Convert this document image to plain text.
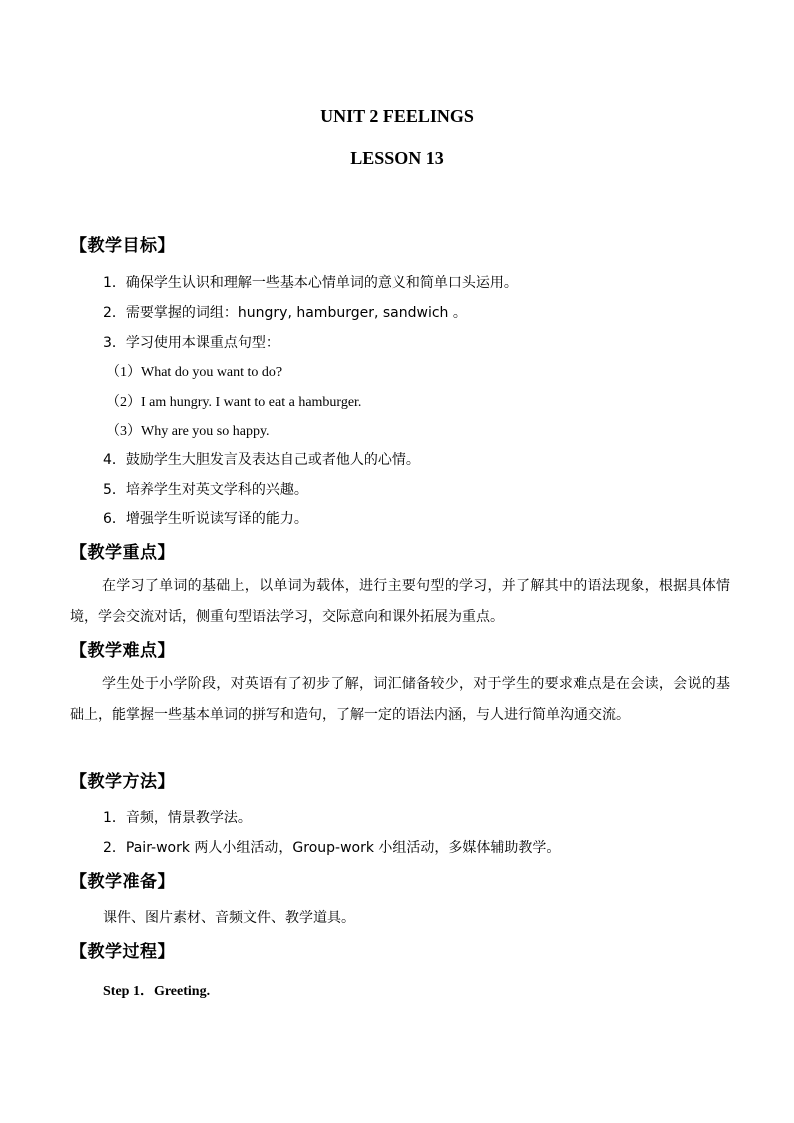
UNIT 2 FEELINGS
LESSON 13
【教学目标】
1．确保学生认识和理解一些基本心情单词的意义和简单口头运用。
2．需要掌握的词组：hungry, hamburger, sandwich 。
3．学习使用本课重点句型：
（1）What do you want to do?
（2）I am hungry. I want to eat a hamburger.
（3）Why are you so happy.
4．鼓励学生大胆发言及表达自己或者他人的心情。
5．培养学生对英文学科的兴趣。
6．增强学生听说读写译的能力。
【教学重点】
在学习了单词的基础上，以单词为载体，进行主要句型的学习，并了解其中的语法现象，根据具体情境，学会交流对话，侧重句型语法学习，交际意向和课外拓展为重点。
【教学难点】
学生处于小学阶段，对英语有了初步了解，词汇储备较少，对于学生的要求难点是在会读，会说的基础上，能掌握一些基本单词的拼写和造句，了解一定的语法内涵，与人进行简单沟通交流。
【教学方法】
1．音频，情景教学法。
2．Pair-work 两人小组活动，Group-work 小组活动，多媒体辅助教学。
【教学准备】
课件、图片素材、音频文件、教学道具。
【教学过程】
Step 1．Greeting.
